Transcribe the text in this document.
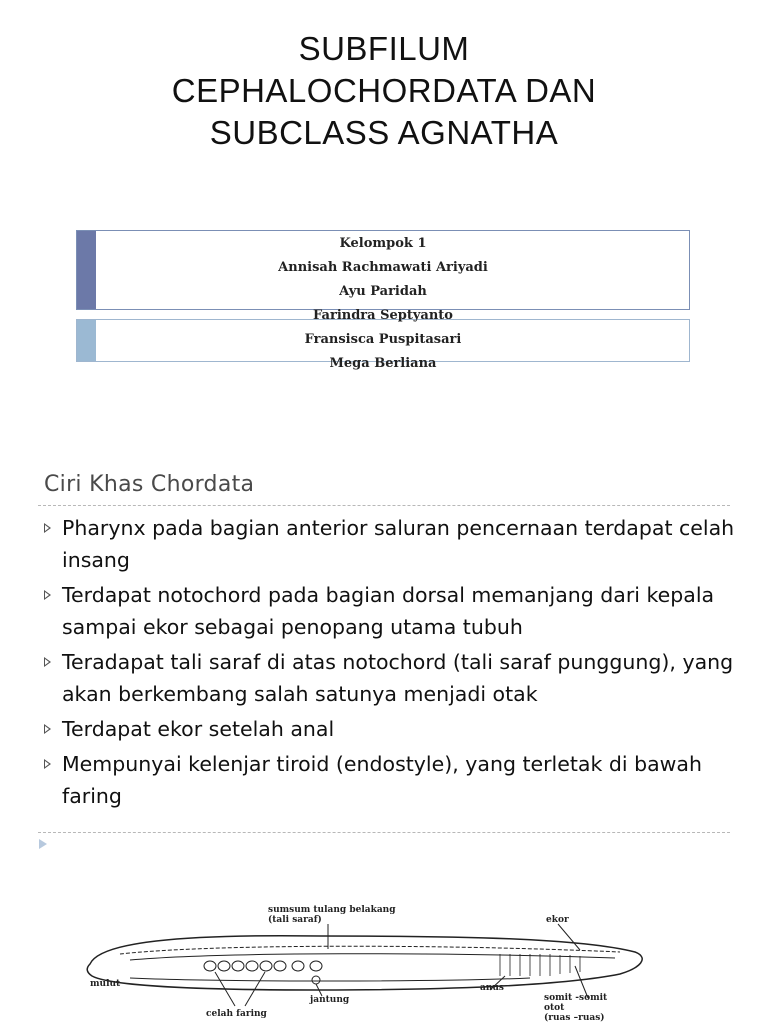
SUBFILUM
CEPHALOCHORDATA DAN
SUBCLASS AGNATHA
Kelompok 1
Annisah Rachmawati Ariyadi
Ayu Paridah
Farindra Septyanto
Fransisca Puspitasari
Mega Berliana
Ciri Khas Chordata
Pharynx pada bagian anterior saluran pencernaan terdapat celah insang
Terdapat notochord pada bagian dorsal memanjang dari kepala sampai ekor sebagai penopang utama tubuh
Teradapat tali saraf di atas notochord (tali saraf punggung), yang akan berkembang salah satunya menjadi otak
Terdapat ekor setelah anal
Mempunyai kelenjar tiroid (endostyle), yang terletak di bawah faring
sumsum tulang belakang
(tali saraf)	ekor
mulut
jantung
anus
celah faring
somit -somit
otot
(ruas –ruas)
